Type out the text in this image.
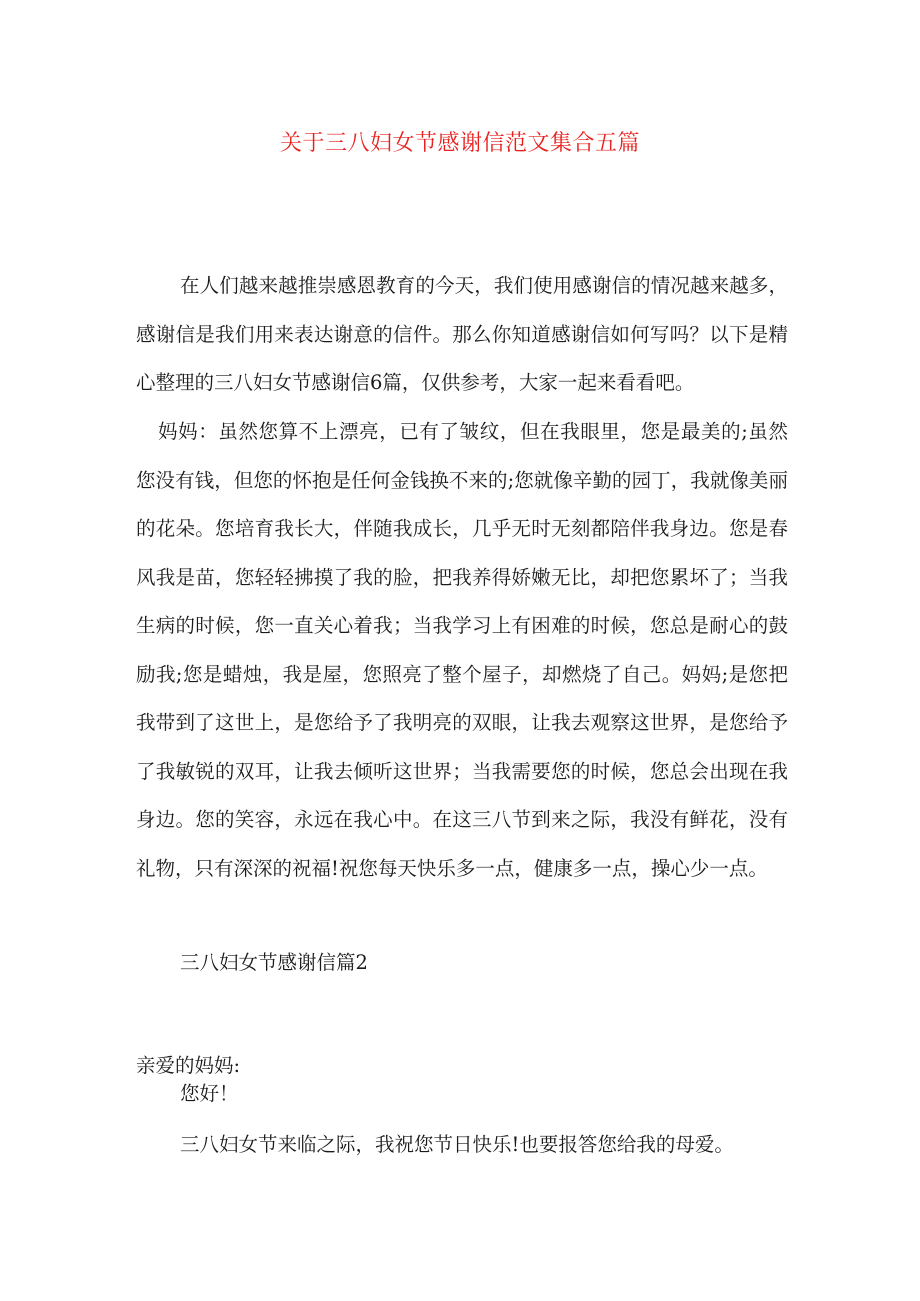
关于三八妇女节感谢信范文集合五篇

在人们越来越推崇感恩教育的今天，我们使用感谢信的情况越来越多，感谢信是我们用来表达谢意的信件。那么你知道感谢信如何写吗？以下是精心整理的三八妇女节感谢信6篇，仅供参考，大家一起来看看吧。

妈妈：虽然您算不上漂亮，已有了皱纹，但在我眼里，您是最美的;虽然您没有钱，但您的怀抱是任何金钱换不来的;您就像辛勤的园丁，我就像美丽的花朵。您培育我长大，伴随我成长，几乎无时无刻都陪伴我身边。您是春风我是苗，您轻轻拂摸了我的脸，把我养得娇嫩无比，却把您累坏了；当我生病的时候，您一直关心着我；当我学习上有困难的时候，您总是耐心的鼓励我;您是蜡烛，我是屋，您照亮了整个屋子，却燃烧了自己。妈妈;是您把我带到了这世上，是您给予了我明亮的双眼，让我去观察这世界，是您给予了我敏锐的双耳，让我去倾听这世界；当我需要您的时候，您总会出现在我身边。您的笑容，永远在我心中。在这三八节到来之际，我没有鲜花，没有礼物，只有深深的祝福!祝您每天快乐多一点，健康多一点，操心少一点。

三八妇女节感谢信篇2

亲爱的妈妈:

您好！

三八妇女节来临之际，我祝您节日快乐!也要报答您给我的母爱。
